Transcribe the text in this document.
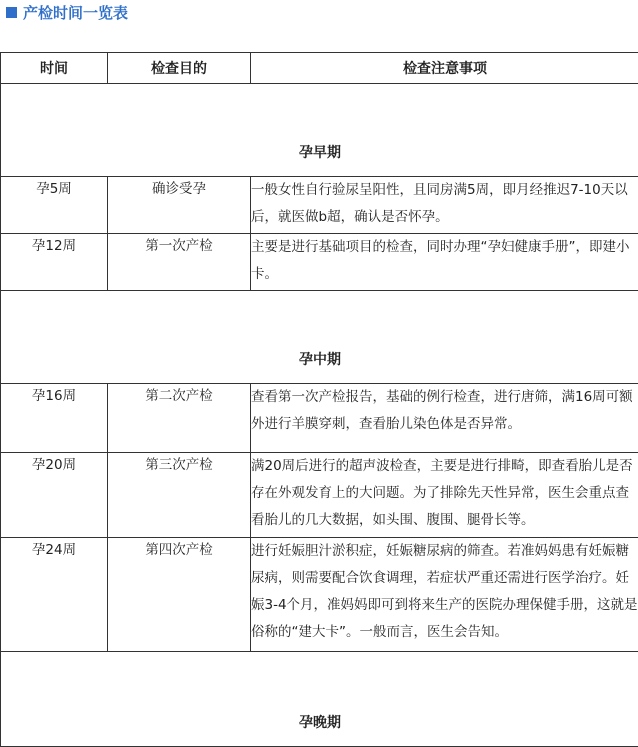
产检时间一览表
时间	检查目的	检查注意事项
孕早期		
孕5周	确诊受孕	一般女性自行验尿呈阳性，且同房满5周，即月经推迟7-10天以后，就医做b超，确认是否怀孕。
孕12周	第一次产检	主要是进行基础项目的检查，同时办理“孕妇健康手册”，即建小卡。
孕中期		
孕16周	第二次产检	查看第一次产检报告，基础的例行检查，进行唐筛，满16周可额外进行羊膜穿刺，查看胎儿染色体是否异常。
孕20周	第三次产检	满20周后进行的超声波检查，主要是进行排畸，即查看胎儿是否存在外观发育上的大问题。为了排除先天性异常，医生会重点查看胎儿的几大数据，如头围、腹围、腿骨长等。
孕24周	第四次产检	进行妊娠胆汁淤积症，妊娠糖尿病的筛查。若准妈妈患有妊娠糖尿病，则需要配合饮食调理，若症状严重还需进行医学治疗。妊娠3-4个月，准妈妈即可到将来生产的医院办理保健手册，这就是俗称的“建大卡”。一般而言，医生会告知。
孕晚期		
